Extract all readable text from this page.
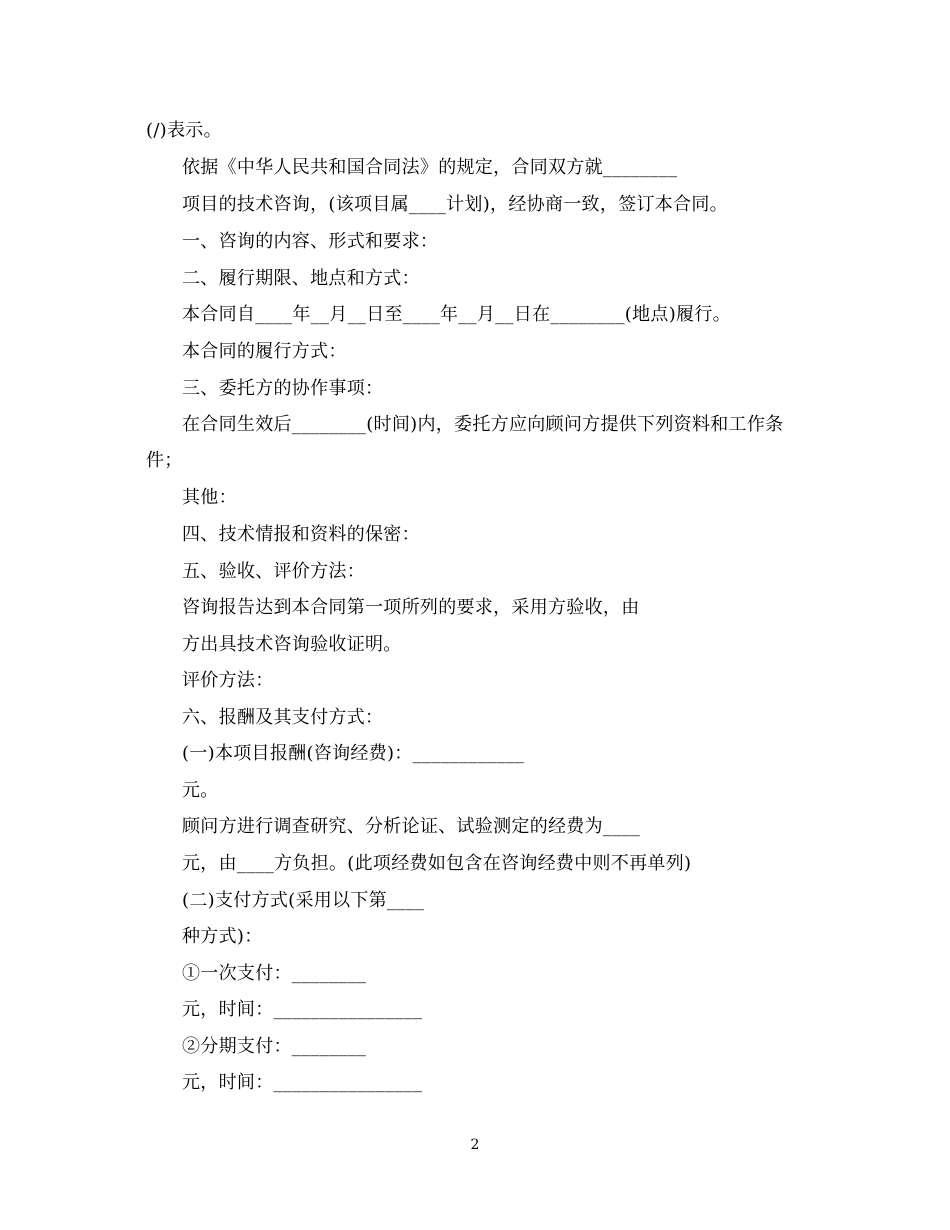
(/)表示。
依据《中华人民共和国合同法》的规定，合同双方就________
项目的技术咨询，(该项目属____计划)，经协商一致，签订本合同。
一、咨询的内容、形式和要求：
二、履行期限、地点和方式：
本合同自____年__月__日至____年__月__日在________(地点)履行。
本合同的履行方式：
三、委托方的协作事项：
在合同生效后________(时间)内，委托方应向顾问方提供下列资料和工作条
件；
其他：
四、技术情报和资料的保密：
五、验收、评价方法：
咨询报告达到本合同第一项所列的要求，采用方验收，由
方出具技术咨询验收证明。
评价方法：
六、报酬及其支付方式：
(一)本项目报酬(咨询经费)：____________
元。
顾问方进行调查研究、分析论证、试验测定的经费为____
元，由____方负担。(此项经费如包含在咨询经费中则不再单列)
(二)支付方式(采用以下第____
种方式)：
①一次支付：________
元，时间：________________
②分期支付：________
元，时间：________________
2
